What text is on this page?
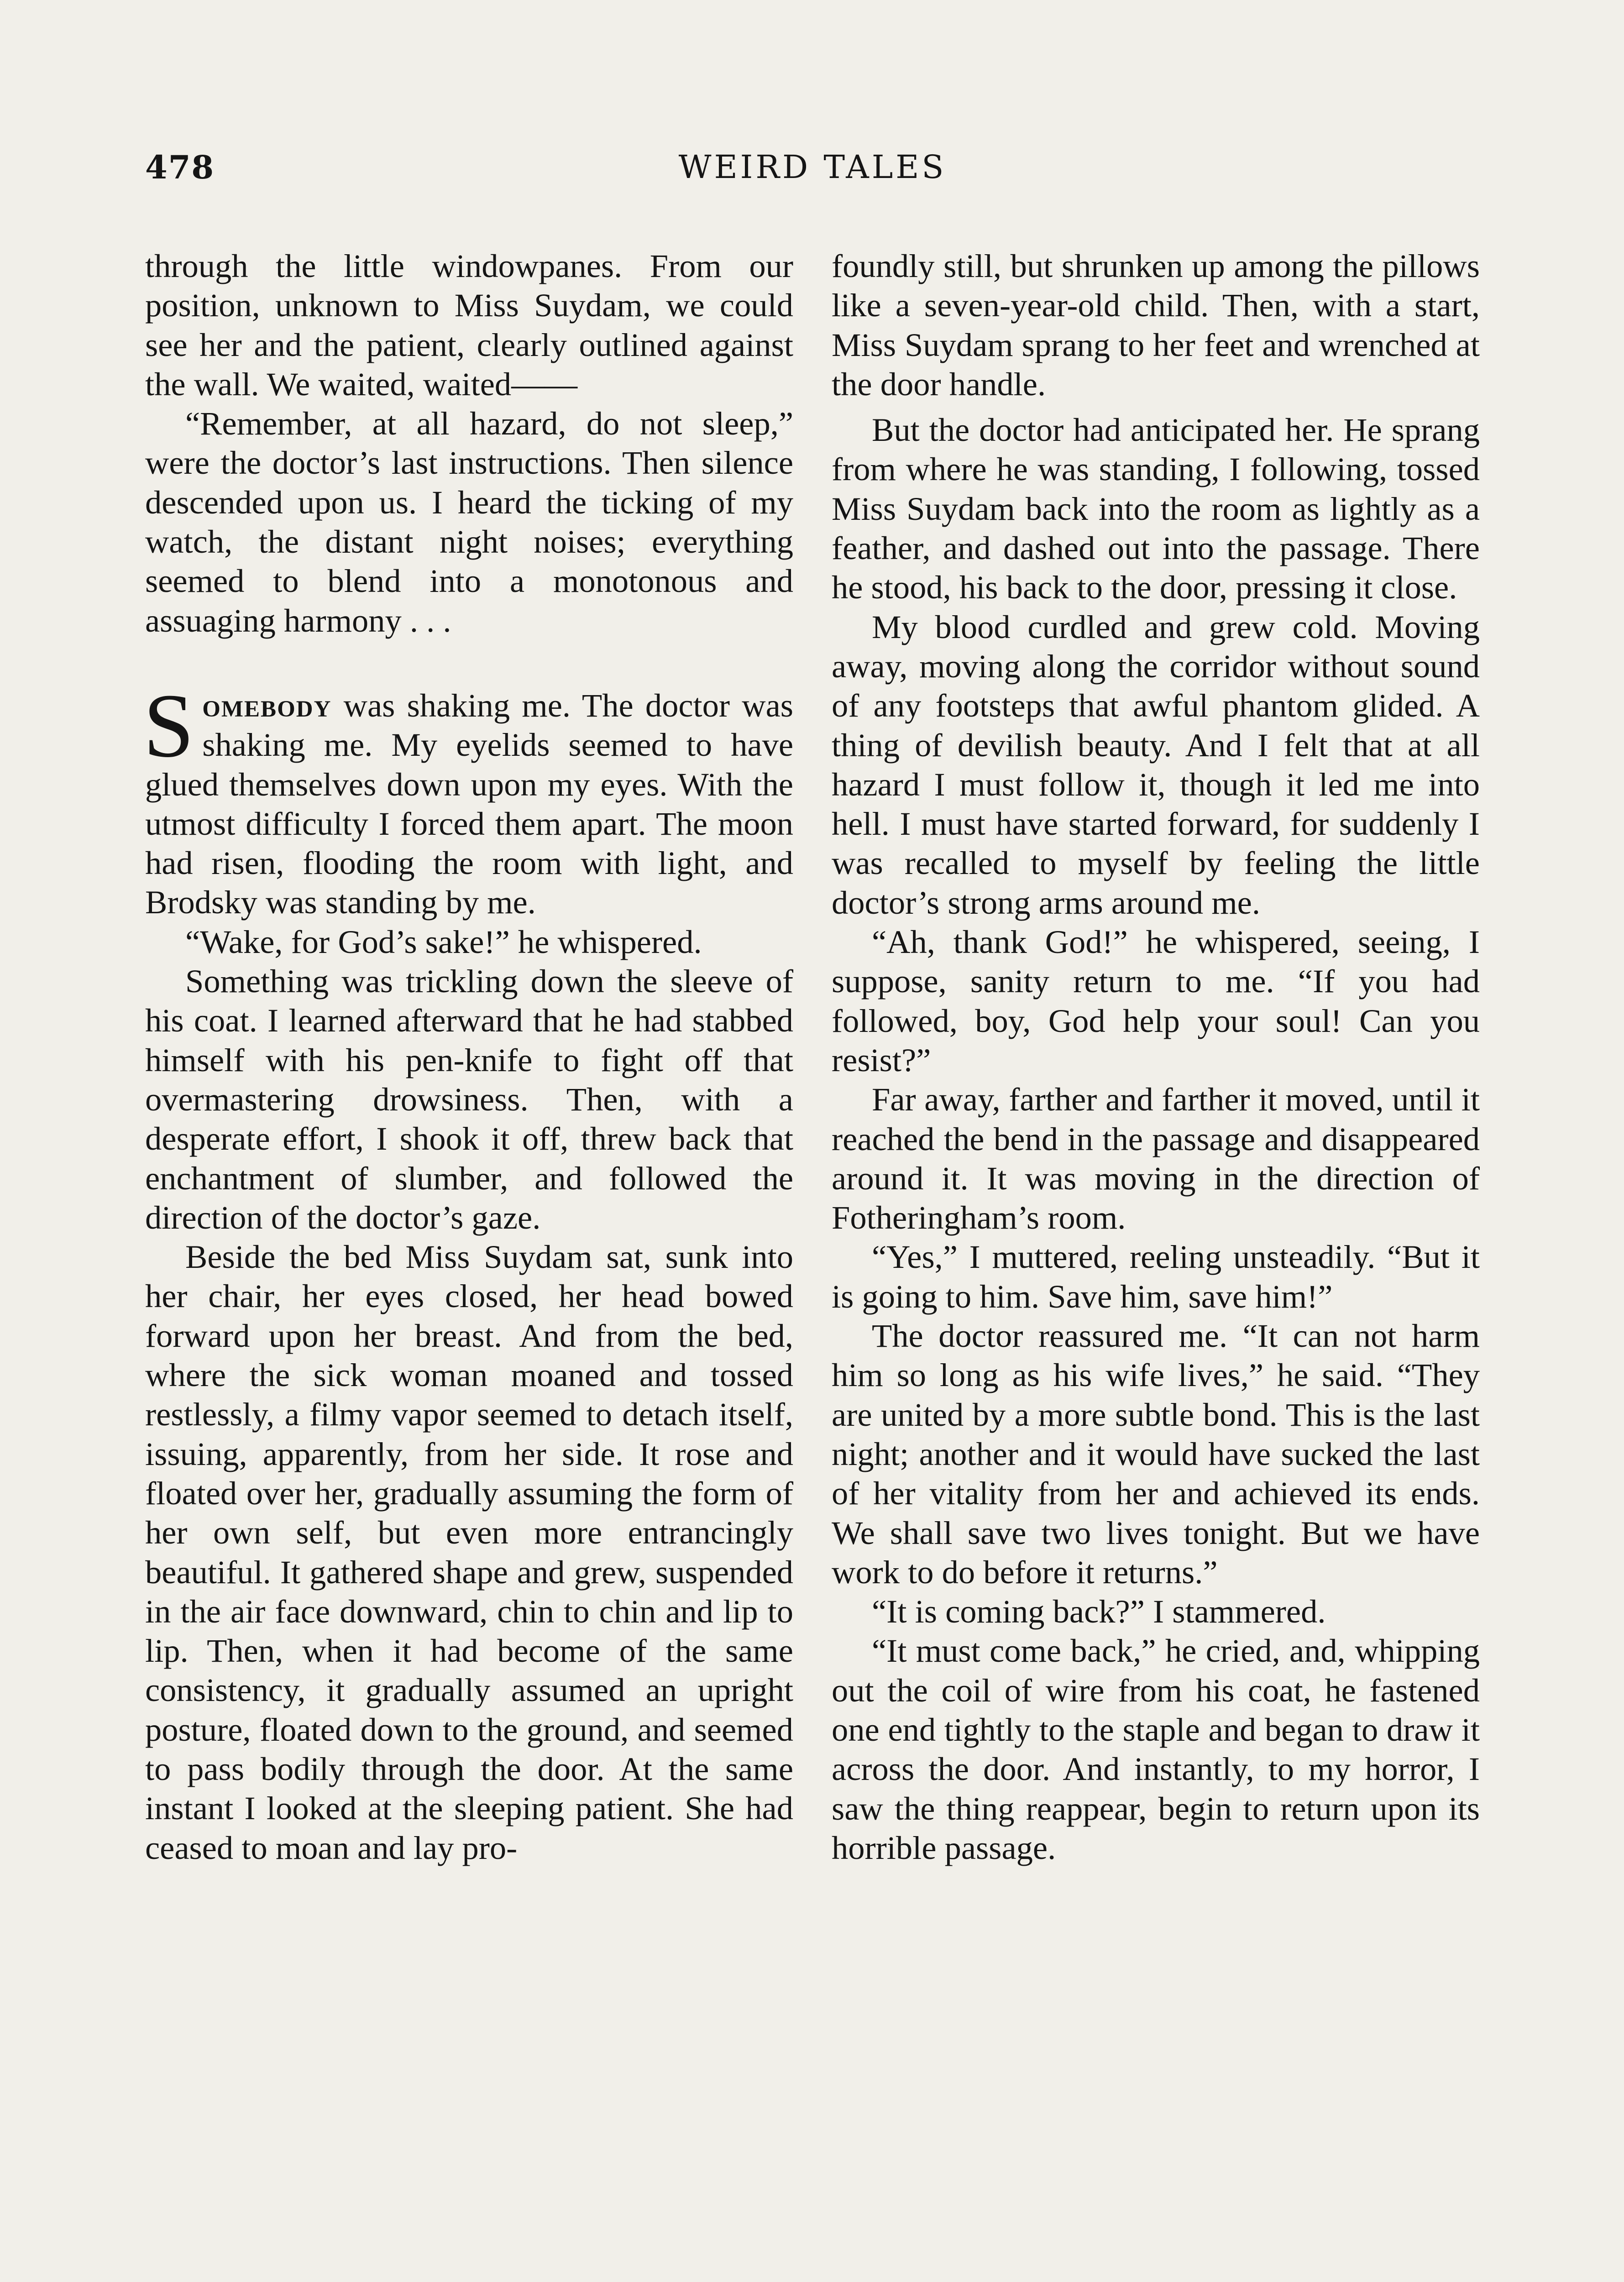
478	WEIRD TALES

through the little windowpanes. From our position, unknown to Miss Suydam, we could see her and the patient, clearly outlined against the wall. We waited, waited——

“Remember, at all hazard, do not sleep,” were the doctor’s last instructions. Then silence descended upon us. I heard the ticking of my watch, the distant night noises; everything seemed to blend into a monotonous and assuaging harmony . . .

Somebody was shaking me. The doctor was shaking me. My eyelids seemed to have glued themselves down upon my eyes. With the utmost difficulty I forced them apart. The moon had risen, flooding the room with light, and Brodsky was standing by me.

“Wake, for God’s sake!” he whispered.

Something was trickling down the sleeve of his coat. I learned afterward that he had stabbed himself with his pen-knife to fight off that overmastering drowsiness. Then, with a desperate effort, I shook it off, threw back that enchantment of slumber, and followed the direction of the doctor’s gaze.

Beside the bed Miss Suydam sat, sunk into her chair, her eyes closed, her head bowed forward upon her breast. And from the bed, where the sick woman moaned and tossed restlessly, a filmy vapor seemed to detach itself, issuing, apparently, from her side. It rose and floated over her, gradually assuming the form of her own self, but even more entrancingly beautiful. It gathered shape and grew, suspended in the air face downward, chin to chin and lip to lip. Then, when it had become of the same consistency, it gradually assumed an upright posture, floated down to the ground, and seemed to pass bodily through the door. At the same instant I looked at the sleeping patient. She had ceased to moan and lay pro-

foundly still, but shrunken up among the pillows like a seven-year-old child. Then, with a start, Miss Suydam sprang to her feet and wrenched at the door handle.

But the doctor had anticipated her. He sprang from where he was standing, I following, tossed Miss Suydam back into the room as lightly as a feather, and dashed out into the passage. There he stood, his back to the door, pressing it close.

My blood curdled and grew cold. Moving away, moving along the corridor without sound of any footsteps that awful phantom glided. A thing of devilish beauty. And I felt that at all hazard I must follow it, though it led me into hell. I must have started forward, for suddenly I was recalled to myself by feeling the little doctor’s strong arms around me.

“Ah, thank God!” he whispered, seeing, I suppose, sanity return to me. “If you had followed, boy, God help your soul! Can you resist?”

Far away, farther and farther it moved, until it reached the bend in the passage and disappeared around it. It was moving in the direction of Fotheringham’s room.

“Yes,” I muttered, reeling unsteadily. “But it is going to him. Save him, save him!”

The doctor reassured me. “It can not harm him so long as his wife lives,” he said. “They are united by a more subtle bond. This is the last night; another and it would have sucked the last of her vitality from her and achieved its ends. We shall save two lives tonight. But we have work to do before it returns.”

“It is coming back?” I stammered.

“It must come back,” he cried, and, whipping out the coil of wire from his coat, he fastened one end tightly to the staple and began to draw it across the door. And instantly, to my horror, I saw the thing reappear, begin to return upon its horrible passage.
